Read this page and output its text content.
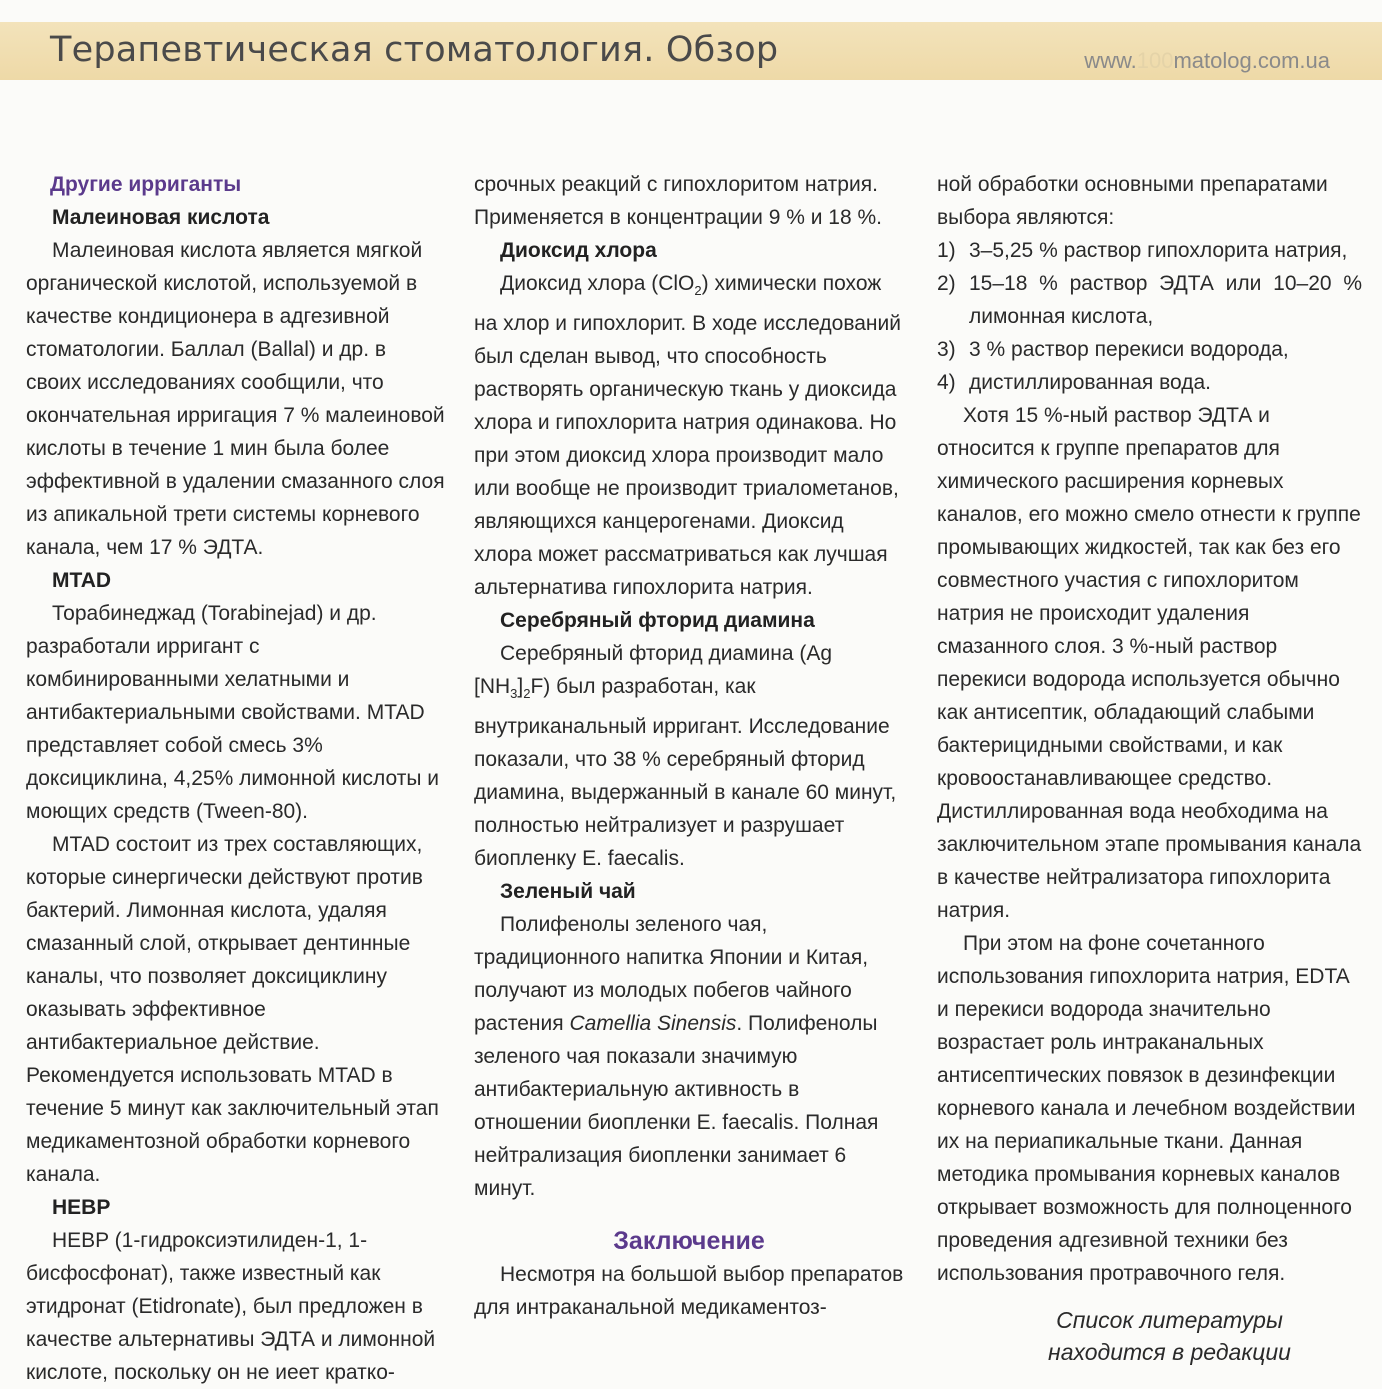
Терапевтическая стоматология. Обзор	www.100matolog.com.ua
Другие ирриганты
Малеиновая кислота

Малеиновая кислота является мягкой органической кислотой, используемой в качестве кондиционера в адгезивной стоматологии. Баллал (Ballal) и др. в своих исследованиях сообщили, что окончательная ирригация 7 % малеиновой кислоты в течение 1 мин была более эффективной в удалении смазанного слоя из апикальной трети системы корневого канала, чем 17 % ЭДТА.

MTAD

Торабинеджад (Torabinejad) и др. разработали ирригант с комбинированными хелатными и антибактериальными свойствами. MTAD представляет собой смесь 3% доксициклина, 4,25% лимонной кислоты и моющих средств (Tween-80).

MTAD состоит из трех составляющих, которые синергически действуют против бактерий. Лимонная кислота, удаляя смазанный слой, открывает дентинные каналы, что позволяет доксициклину оказывать эффективное антибактериальное действие. Рекомендуется использовать MTAD в течение 5 минут как заключительный этап медикаментозной обработки корневого канала.

HEBP

HEBP (1-гидроксиэтилиден-1, 1-бисфосфонат), также известный как этидронат (Etidronate), был предложен в качестве альтернативы ЭДТА и лимонной кислоте, поскольку он не иеет кратко-

срочных реакций с гипохлоритом натрия. Применяется в концентрации 9 % и 18 %.

Диоксид хлора

Диоксид хлора (ClO$_2$) химически похож на хлор и гипохлорит. В ходе исследований был сделан вывод, что способность растворять органическую ткань у диоксида хлора и гипохлорита натрия одинакова. Но при этом диоксид хлора производит мало или вообще не производит триалометанов, являющихся канцерогенами. Диоксид хлора может рассматриваться как лучшая альтернатива гипохлорита натрия.

Серебряный фторид диамина

Серебряный фторид диамина (Ag $[NH_3]_2F$) был разработан, как внутриканальный ирригант. Исследование показали, что 38 % серебряный фторид диамина, выдержанный в канале 60 минут, полностью нейтрализует и разрушает биопленку E. faecalis.

Зеленый чай

Полифенолы зеленого чая, традиционного напитка Японии и Китая, получают из молодых побегов чайного растения Camellia Sinensis. Полифенолы зеленого чая показали значимую антибактериальную активность в отношении биопленки E. faecalis. Полная нейтрализация биопленки занимает 6 минут.

Заключение

Несмотря на большой выбор препаратов для интраканальной медикаментоз-

ной обработки основными препаратами выбора являются:

1) 3–5,25 % раствор гипохлорита натрия,
2) 15–18 % раствор ЭДТА или 10–20 % лимонная кислота,
3) 3 % раствор перекиси водорода,
4) дистиллированная вода.

Хотя 15 %-ный раствор ЭДТА и относится к группе препаратов для химического расширения корневых каналов, его можно смело отнести к группе промывающих жидкостей, так как без его совместного участия с гипохлоритом натрия не происходит удаления смазанного слоя. 3 %-ный раствор перекиси водорода используется обычно как антисептик, обладающий слабыми бактерицидными свойствами, и как кровоостанавливающее средство. Дистиллированная вода необходима на заключительном этапе промывания канала в качестве нейтрализатора гипохлорита натрия.

При этом на фоне сочетанного использования гипохлорита натрия, EDTA и перекиси водорода значительно возрастает роль интраканальных антисептических повязок в дезинфекции корневого канала и лечебном воздействии их на периапикальные ткани. Данная методика промывания корневых каналов открывает возможность для полноценного проведения адгезивной техники без использования протравочного геля.

Список литературы
находится в редакции
